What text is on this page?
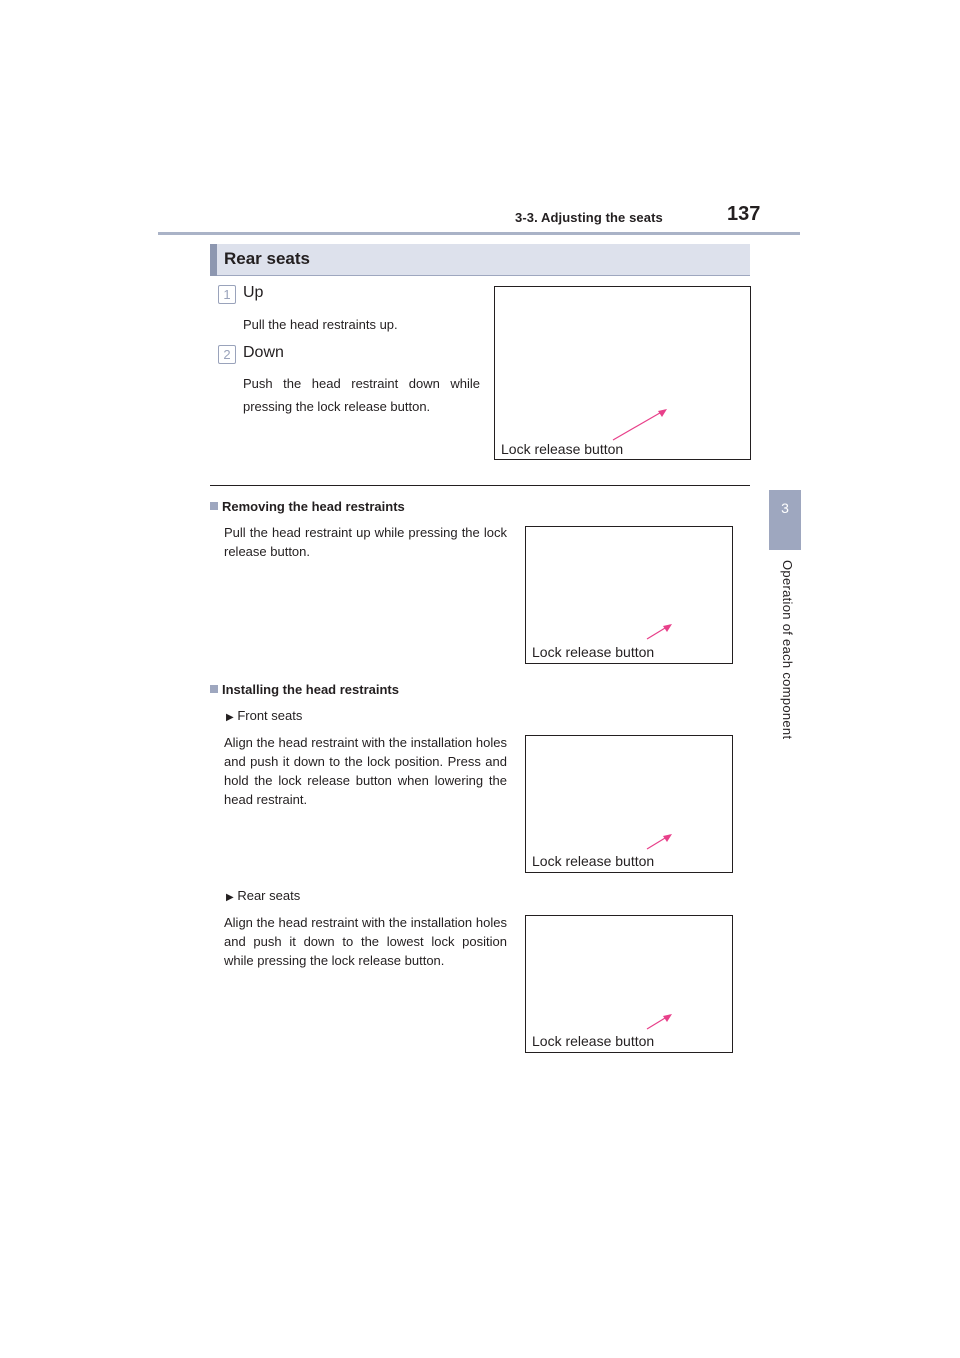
3-3. Adjusting the seats	137
3
Operation of each component
Rear seats
1 Up
Pull the head restraints up.
2 Down
Push the head restraint down while pressing the lock release button.
Lock release button
Removing the head restraints
Pull the head restraint up while pressing the lock release button.
Lock release button
Installing the head restraints
▶ Front seats
Align the head restraint with the installation holes and push it down to the lock position. Press and hold the lock release button when lowering the head restraint.
Lock release button
▶ Rear seats
Align the head restraint with the installation holes and push it down to the lowest lock position while pressing the lock release button.
Lock release button
